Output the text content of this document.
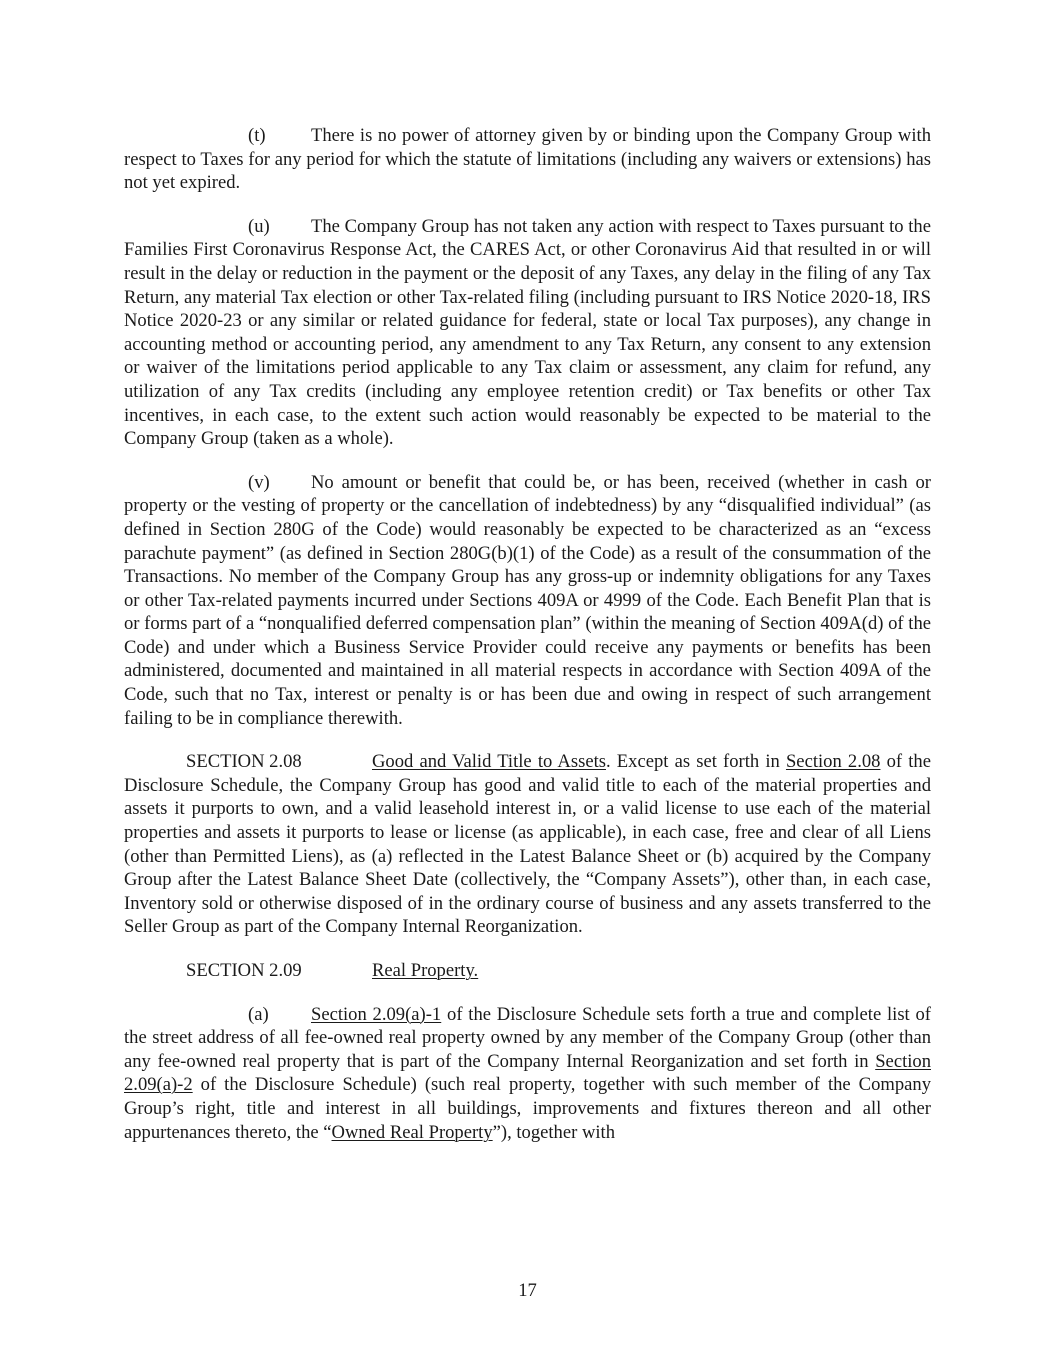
(t) There is no power of attorney given by or binding upon the Company Group with respect to Taxes for any period for which the statute of limitations (including any waivers or extensions) has not yet expired.

(u) The Company Group has not taken any action with respect to Taxes pursuant to the Families First Coronavirus Response Act, the CARES Act, or other Coronavirus Aid that resulted in or will result in the delay or reduction in the payment or the deposit of any Taxes, any delay in the filing of any Tax Return, any material Tax election or other Tax-related filing (including pursuant to IRS Notice 2020-18, IRS Notice 2020-23 or any similar or related guidance for federal, state or local Tax purposes), any change in accounting method or accounting period, any amendment to any Tax Return, any consent to any extension or waiver of the limitations period applicable to any Tax claim or assessment, any claim for refund, any utilization of any Tax credits (including any employee retention credit) or Tax benefits or other Tax incentives, in each case, to the extent such action would reasonably be expected to be material to the Company Group (taken as a whole).

(v) No amount or benefit that could be, or has been, received (whether in cash or property or the vesting of property or the cancellation of indebtedness) by any “disqualified individual” (as defined in Section 280G of the Code) would reasonably be expected to be characterized as an “excess parachute payment” (as defined in Section 280G(b)(1) of the Code) as a result of the consummation of the Transactions. No member of the Company Group has any gross-up or indemnity obligations for any Taxes or other Tax-related payments incurred under Sections 409A or 4999 of the Code. Each Benefit Plan that is or forms part of a “nonqualified deferred compensation plan” (within the meaning of Section 409A(d) of the Code) and under which a Business Service Provider could receive any payments or benefits has been administered, documented and maintained in all material respects in accordance with Section 409A of the Code, such that no Tax, interest or penalty is or has been due and owing in respect of such arrangement failing to be in compliance therewith.

SECTION 2.08	Good and Valid Title to Assets. Except as set forth in Section 2.08 of the Disclosure Schedule, the Company Group has good and valid title to each of the material properties and assets it purports to own, and a valid leasehold interest in, or a valid license to use each of the material properties and assets it purports to lease or license (as applicable), in each case, free and clear of all Liens (other than Permitted Liens), as (a) reflected in the Latest Balance Sheet or (b) acquired by the Company Group after the Latest Balance Sheet Date (collectively, the “Company Assets”), other than, in each case, Inventory sold or otherwise disposed of in the ordinary course of business and any assets transferred to the Seller Group as part of the Company Internal Reorganization.

SECTION 2.09	Real Property.

(a) Section 2.09(a)-1 of the Disclosure Schedule sets forth a true and complete list of the street address of all fee-owned real property owned by any member of the Company Group (other than any fee-owned real property that is part of the Company Internal Reorganization and set forth in Section 2.09(a)-2 of the Disclosure Schedule) (such real property, together with such member of the Company Group’s right, title and interest in all buildings, improvements and fixtures thereon and all other appurtenances thereto, the “Owned Real Property”), together with

17
